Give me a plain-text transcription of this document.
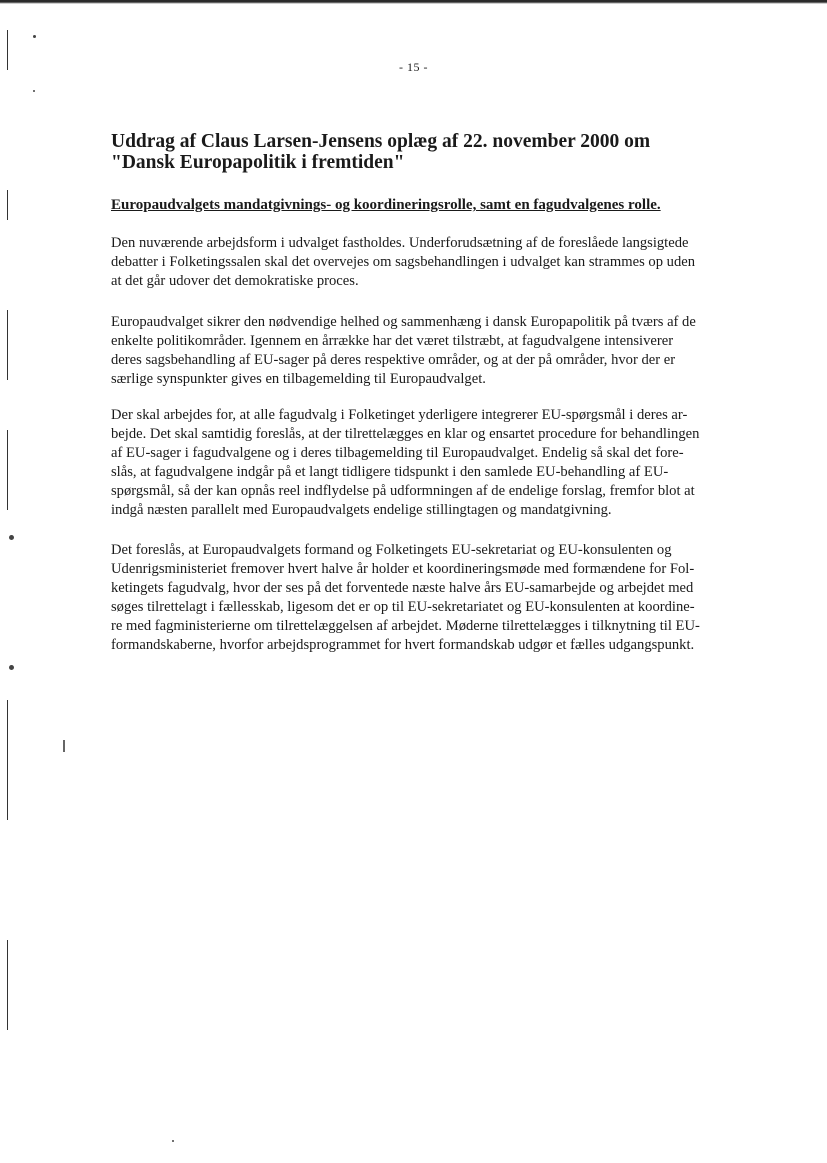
- 15 -
Uddrag af Claus Larsen-Jensens oplæg af 22. november 2000 om
"Dansk Europapolitik i fremtiden"
Europaudvalgets mandatgivnings- og koordineringsrolle, samt en fagudvalgenes rolle.

Den nuværende arbejdsform i udvalget fastholdes. Underforudsætning af de foreslåede langsigtede
debatter i Folketingssalen skal det overvejes om sagsbehandlingen i udvalget kan strammes op uden
at det går udover det demokratiske proces.

Europaudvalget sikrer den nødvendige helhed og sammenhæng i dansk Europapolitik på tværs af de
enkelte politikområder. Igennem en årrække har det været tilstræbt, at fagudvalgene intensiverer
deres sagsbehandling af EU-sager på deres respektive områder, og at der på områder, hvor der er
særlige synspunkter gives en tilbagemelding til Europaudvalget.

Der skal arbejdes for, at alle fagudvalg i Folketinget yderligere integrerer EU-spørgsmål i deres ar-
bejde. Det skal samtidig foreslås, at der tilrettelægges en klar og ensartet procedure for behandlingen
af EU-sager i fagudvalgene og i deres tilbagemelding til Europaudvalget. Endelig så skal det fore-
slås, at fagudvalgene indgår på et langt tidligere tidspunkt i den samlede EU-behandling af EU-
spørgsmål, så der kan opnås reel indflydelse på udformningen af de endelige forslag, fremfor blot at
indgå næsten parallelt med Europaudvalgets endelige stillingtagen og mandatgivning.

Det foreslås, at Europaudvalgets formand og Folketingets EU-sekretariat og EU-konsulenten og
Udenrigsministeriet fremover hvert halve år holder et koordineringsmøde med formændene for Fol-
ketingets fagudvalg, hvor der ses på det forventede næste halve års EU-samarbejde og arbejdet med
søges tilrettelagt i fællesskab, ligesom det er op til EU-sekretariatet og EU-konsulenten at koordine-
re med fagministerierne om tilrettelæggelsen af arbejdet. Møderne tilrettelægges i tilknytning til EU-
formandskaberne, hvorfor arbejdsprogrammet for hvert formandskab udgør et fælles udgangspunkt.
